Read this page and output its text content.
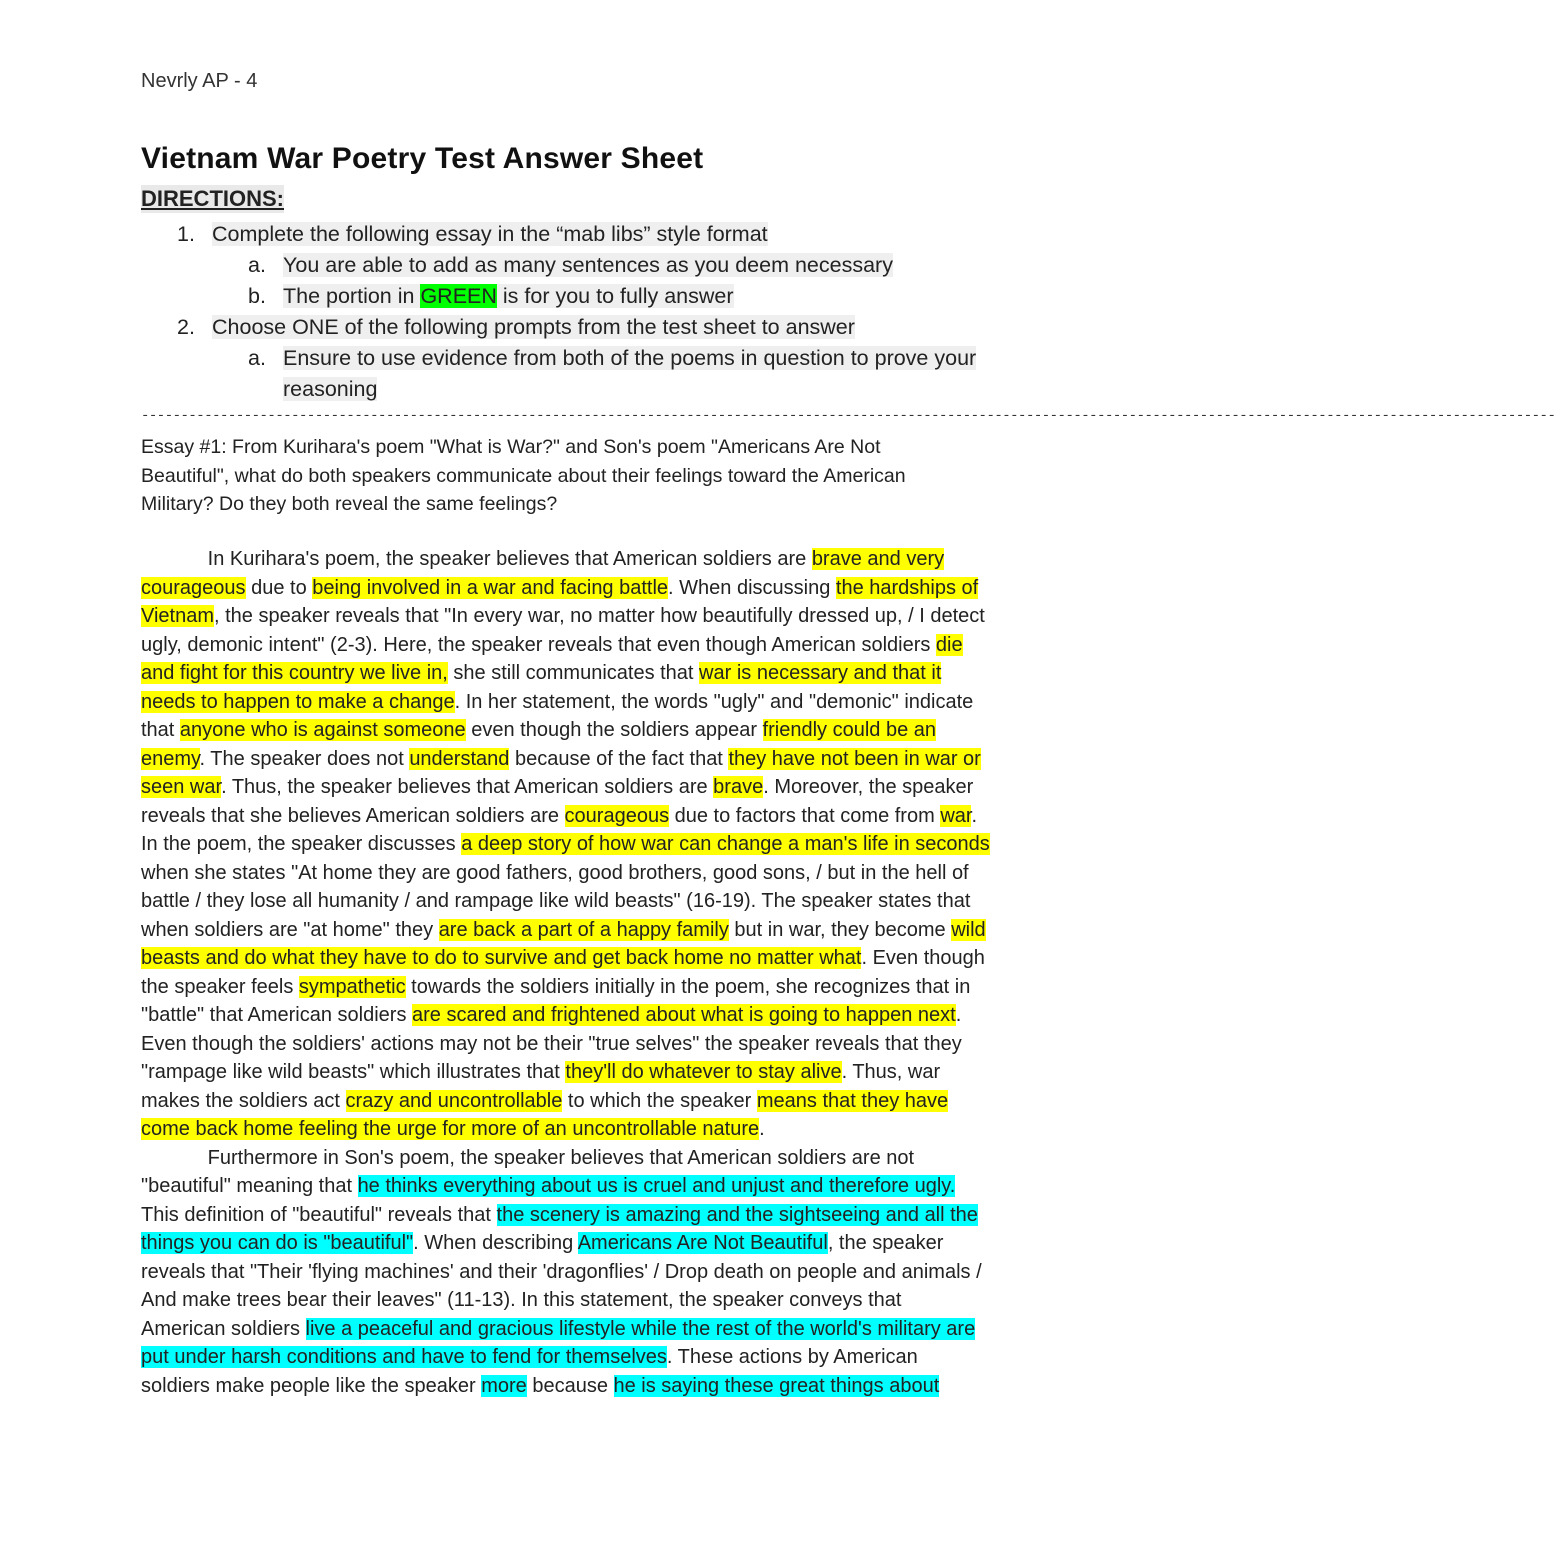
Nevrly AP - 4
Vietnam War Poetry Test Answer Sheet
DIRECTIONS:
1. Complete the following essay in the “mab libs” style format
a. You are able to add as many sentences as you deem necessary
b. The portion in GREEN is for you to fully answer
2. Choose ONE of the following prompts from the test sheet to answer
a. Ensure to use evidence from both of the poems in question to prove your
reasoning
-----------------------------------------------------------------------------------------------------------------------------------------------------------------------------------
Essay #1: From Kurihara's poem "What is War?" and Son's poem "Americans Are Not
Beautiful", what do both speakers communicate about their feelings toward the American
Military? Do they both reveal the same feelings?
In Kurihara's poem, the speaker believes that American soldiers are brave and very
courageous due to being involved in a war and facing battle. When discussing the hardships of
Vietnam, the speaker reveals that "In every war, no matter how beautifully dressed up, / I detect
ugly, demonic intent" (2-3). Here, the speaker reveals that even though American soldiers die
and fight for this country we live in, she still communicates that war is necessary and that it
needs to happen to make a change. In her statement, the words "ugly" and "demonic" indicate
that anyone who is against someone even though the soldiers appear friendly could be an
enemy. The speaker does not understand because of the fact that they have not been in war or
seen war. Thus, the speaker believes that American soldiers are brave. Moreover, the speaker
reveals that she believes American soldiers are courageous due to factors that come from war.
In the poem, the speaker discusses a deep story of how war can change a man's life in seconds
when she states "At home they are good fathers, good brothers, good sons, / but in the hell of
battle / they lose all humanity / and rampage like wild beasts" (16-19). The speaker states that
when soldiers are "at home" they are back a part of a happy family but in war, they become wild
beasts and do what they have to do to survive and get back home no matter what. Even though
the speaker feels sympathetic towards the soldiers initially in the poem, she recognizes that in
"battle" that American soldiers are scared and frightened about what is going to happen next.
Even though the soldiers' actions may not be their "true selves" the speaker reveals that they
"rampage like wild beasts" which illustrates that they'll do whatever to stay alive. Thus, war
makes the soldiers act crazy and uncontrollable to which the speaker means that they have
come back home feeling the urge for more of an uncontrollable nature.
Furthermore in Son's poem, the speaker believes that American soldiers are not
"beautiful" meaning that he thinks everything about us is cruel and unjust and therefore ugly.
This definition of "beautiful" reveals that the scenery is amazing and the sightseeing and all the
things you can do is "beautiful". When describing Americans Are Not Beautiful, the speaker
reveals that "Their 'flying machines' and their 'dragonflies' / Drop death on people and animals /
And make trees bear their leaves" (11-13). In this statement, the speaker conveys that
American soldiers live a peaceful and gracious lifestyle while the rest of the world's military are
put under harsh conditions and have to fend for themselves. These actions by American
soldiers make people like the speaker more because he is saying these great things about
